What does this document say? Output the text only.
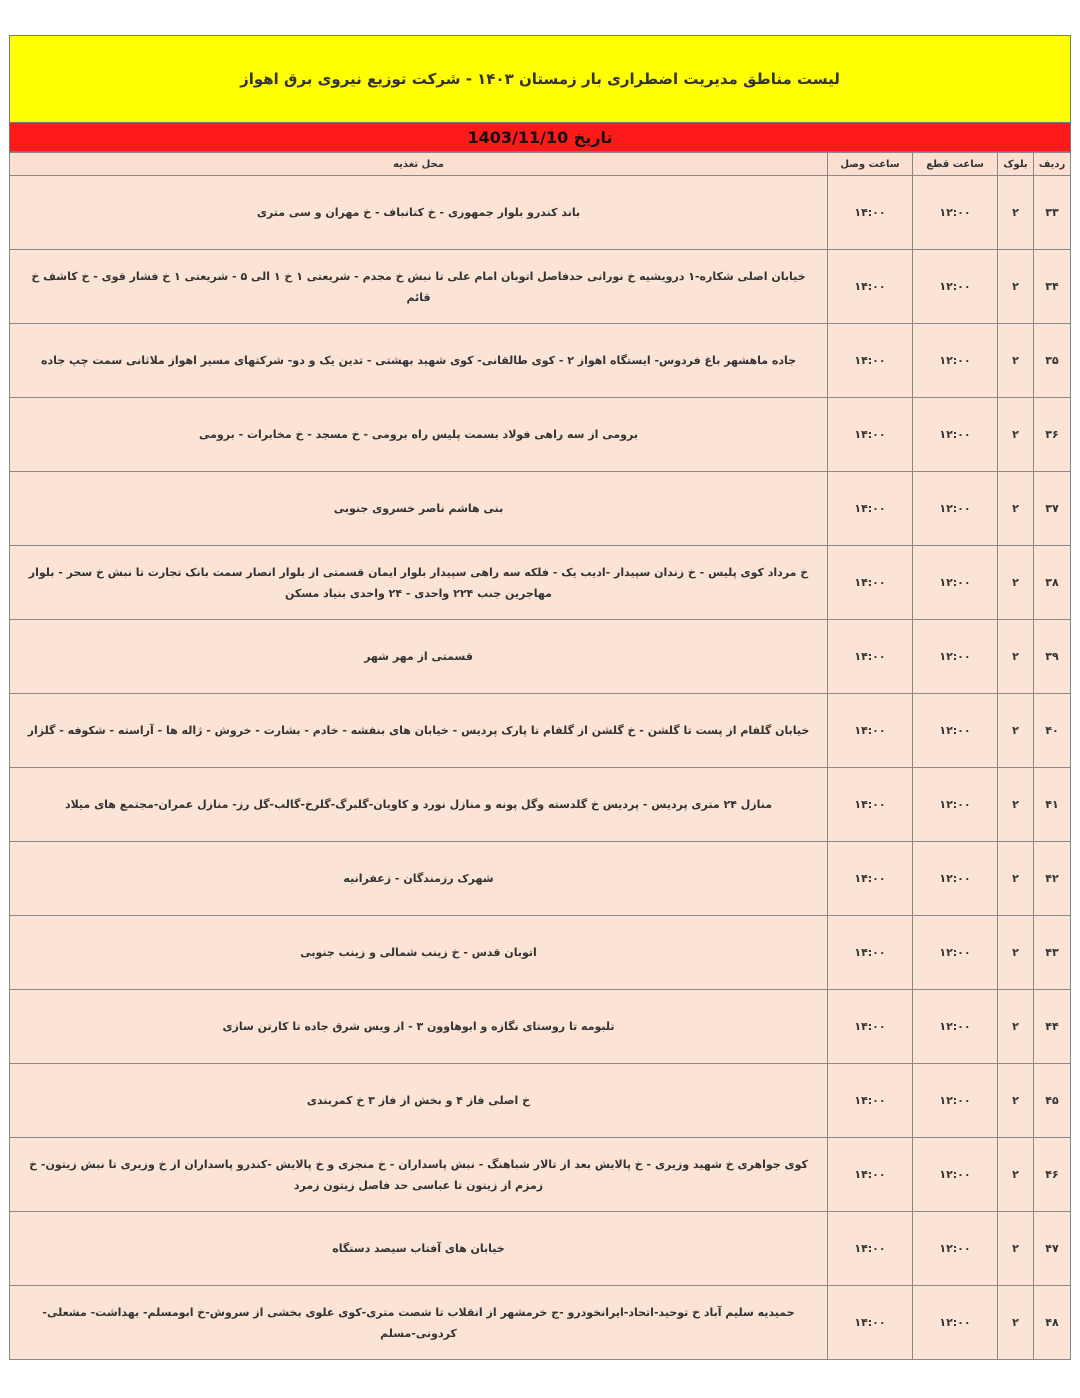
لیست مناطق مدیریت اضطراری بار زمستان ۱۴۰۳ - شرکت توزیع نیروی برق اهواز
تاریخ 1403/11/10
ردیف	بلوک	ساعت قطع	ساعت وصل	محل تغذیه
۳۳	۲	۱۲:۰۰	۱۴:۰۰	باند کندرو بلوار جمهوری - خ کتانباف - خ مهران و سی متری
۳۴	۲	۱۲:۰۰	۱۴:۰۰	خیابان اصلی شکاره-۱ درویشیه خ نورانی حدفاصل اتوبان امام علی تا نبش خ مجدم - شریعتی ۱ خ ۱ الی ۵ - شریعتی ۱ خ فشار قوی - خ کاشف خ قائم
۳۵	۲	۱۲:۰۰	۱۴:۰۰	جاده ماهشهر باغ فردوس- ایستگاه اهواز ۲ - کوی طالقانی- کوی شهید بهشتی - تدین یک و دو- شرکتهای مسیر اهواز ملاثانی سمت چپ جاده
۳۶	۲	۱۲:۰۰	۱۴:۰۰	برومی از سه راهی فولاد بسمت پلیس راه برومی - خ مسجد - خ مخابرات - برومی
۳۷	۲	۱۲:۰۰	۱۴:۰۰	بنی هاشم ناصر خسروی جنوبی
۳۸	۲	۱۲:۰۰	۱۴:۰۰	خ مرداد کوی پلیس - خ زندان سپیدار -ادیب یک - فلکه سه راهی سپیدار بلوار ایمان قسمتی از بلوار انصار سمت بانک تجارت تا نبش خ سحر - بلوار مهاجرین جنب ۲۲۴ واحدی - ۲۴ واحدی بنیاد مسکن
۳۹	۲	۱۲:۰۰	۱۴:۰۰	قسمتی از مهر شهر
۴۰	۲	۱۲:۰۰	۱۴:۰۰	خیابان گلفام از پست تا گلشن - خ گلشن از گلفام تا پارک پردیس - خیابان های بنفشه - خادم - بشارت - خروش - ژاله ها - آراسته - شکوفه - گلزار
۴۱	۲	۱۲:۰۰	۱۴:۰۰	منازل ۲۴ متری پردیس - پردیس خ گلدسته وگل پونه و منازل نورد و کاویان-گلبرگ-گلرخ-گالب-گل رز- منازل عمران-مجتمع های میلاد
۴۲	۲	۱۲:۰۰	۱۴:۰۰	شهرک رزمندگان - زعفرانیه
۴۳	۲	۱۲:۰۰	۱۴:۰۰	اتوبان قدس - خ زینب شمالی و زینب جنوبی
۴۴	۲	۱۲:۰۰	۱۴:۰۰	تلبومه تا روستای نگازه و ابوهاوون ۳ - از ویس شرق جاده تا کارتن سازی
۴۵	۲	۱۲:۰۰	۱۴:۰۰	خ اصلی فاز ۴ و بخش از فاز ۳ خ کمربندی
۴۶	۲	۱۲:۰۰	۱۴:۰۰	کوی جواهری خ شهید وزیری - خ پالایش بعد از تالار شباهنگ - نبش پاسداران - خ منجزی و خ پالایش -کندرو پاسداران از خ وزیری تا نبش زیتون- خ زمزم از زیتون تا عباسی حد فاصل زیتون زمرد
۴۷	۲	۱۲:۰۰	۱۴:۰۰	خیابان های آفتاب سیصد دستگاه
۴۸	۲	۱۲:۰۰	۱۴:۰۰	حمیدیه سلیم آباد خ توحید-اتحاد-ایرانخودرو -ج خرمشهر از انقلاب تا شصت متری-کوی علوی بخشی از سروش-خ ابومسلم- بهداشت- مشعلی- کردونی-مسلم
